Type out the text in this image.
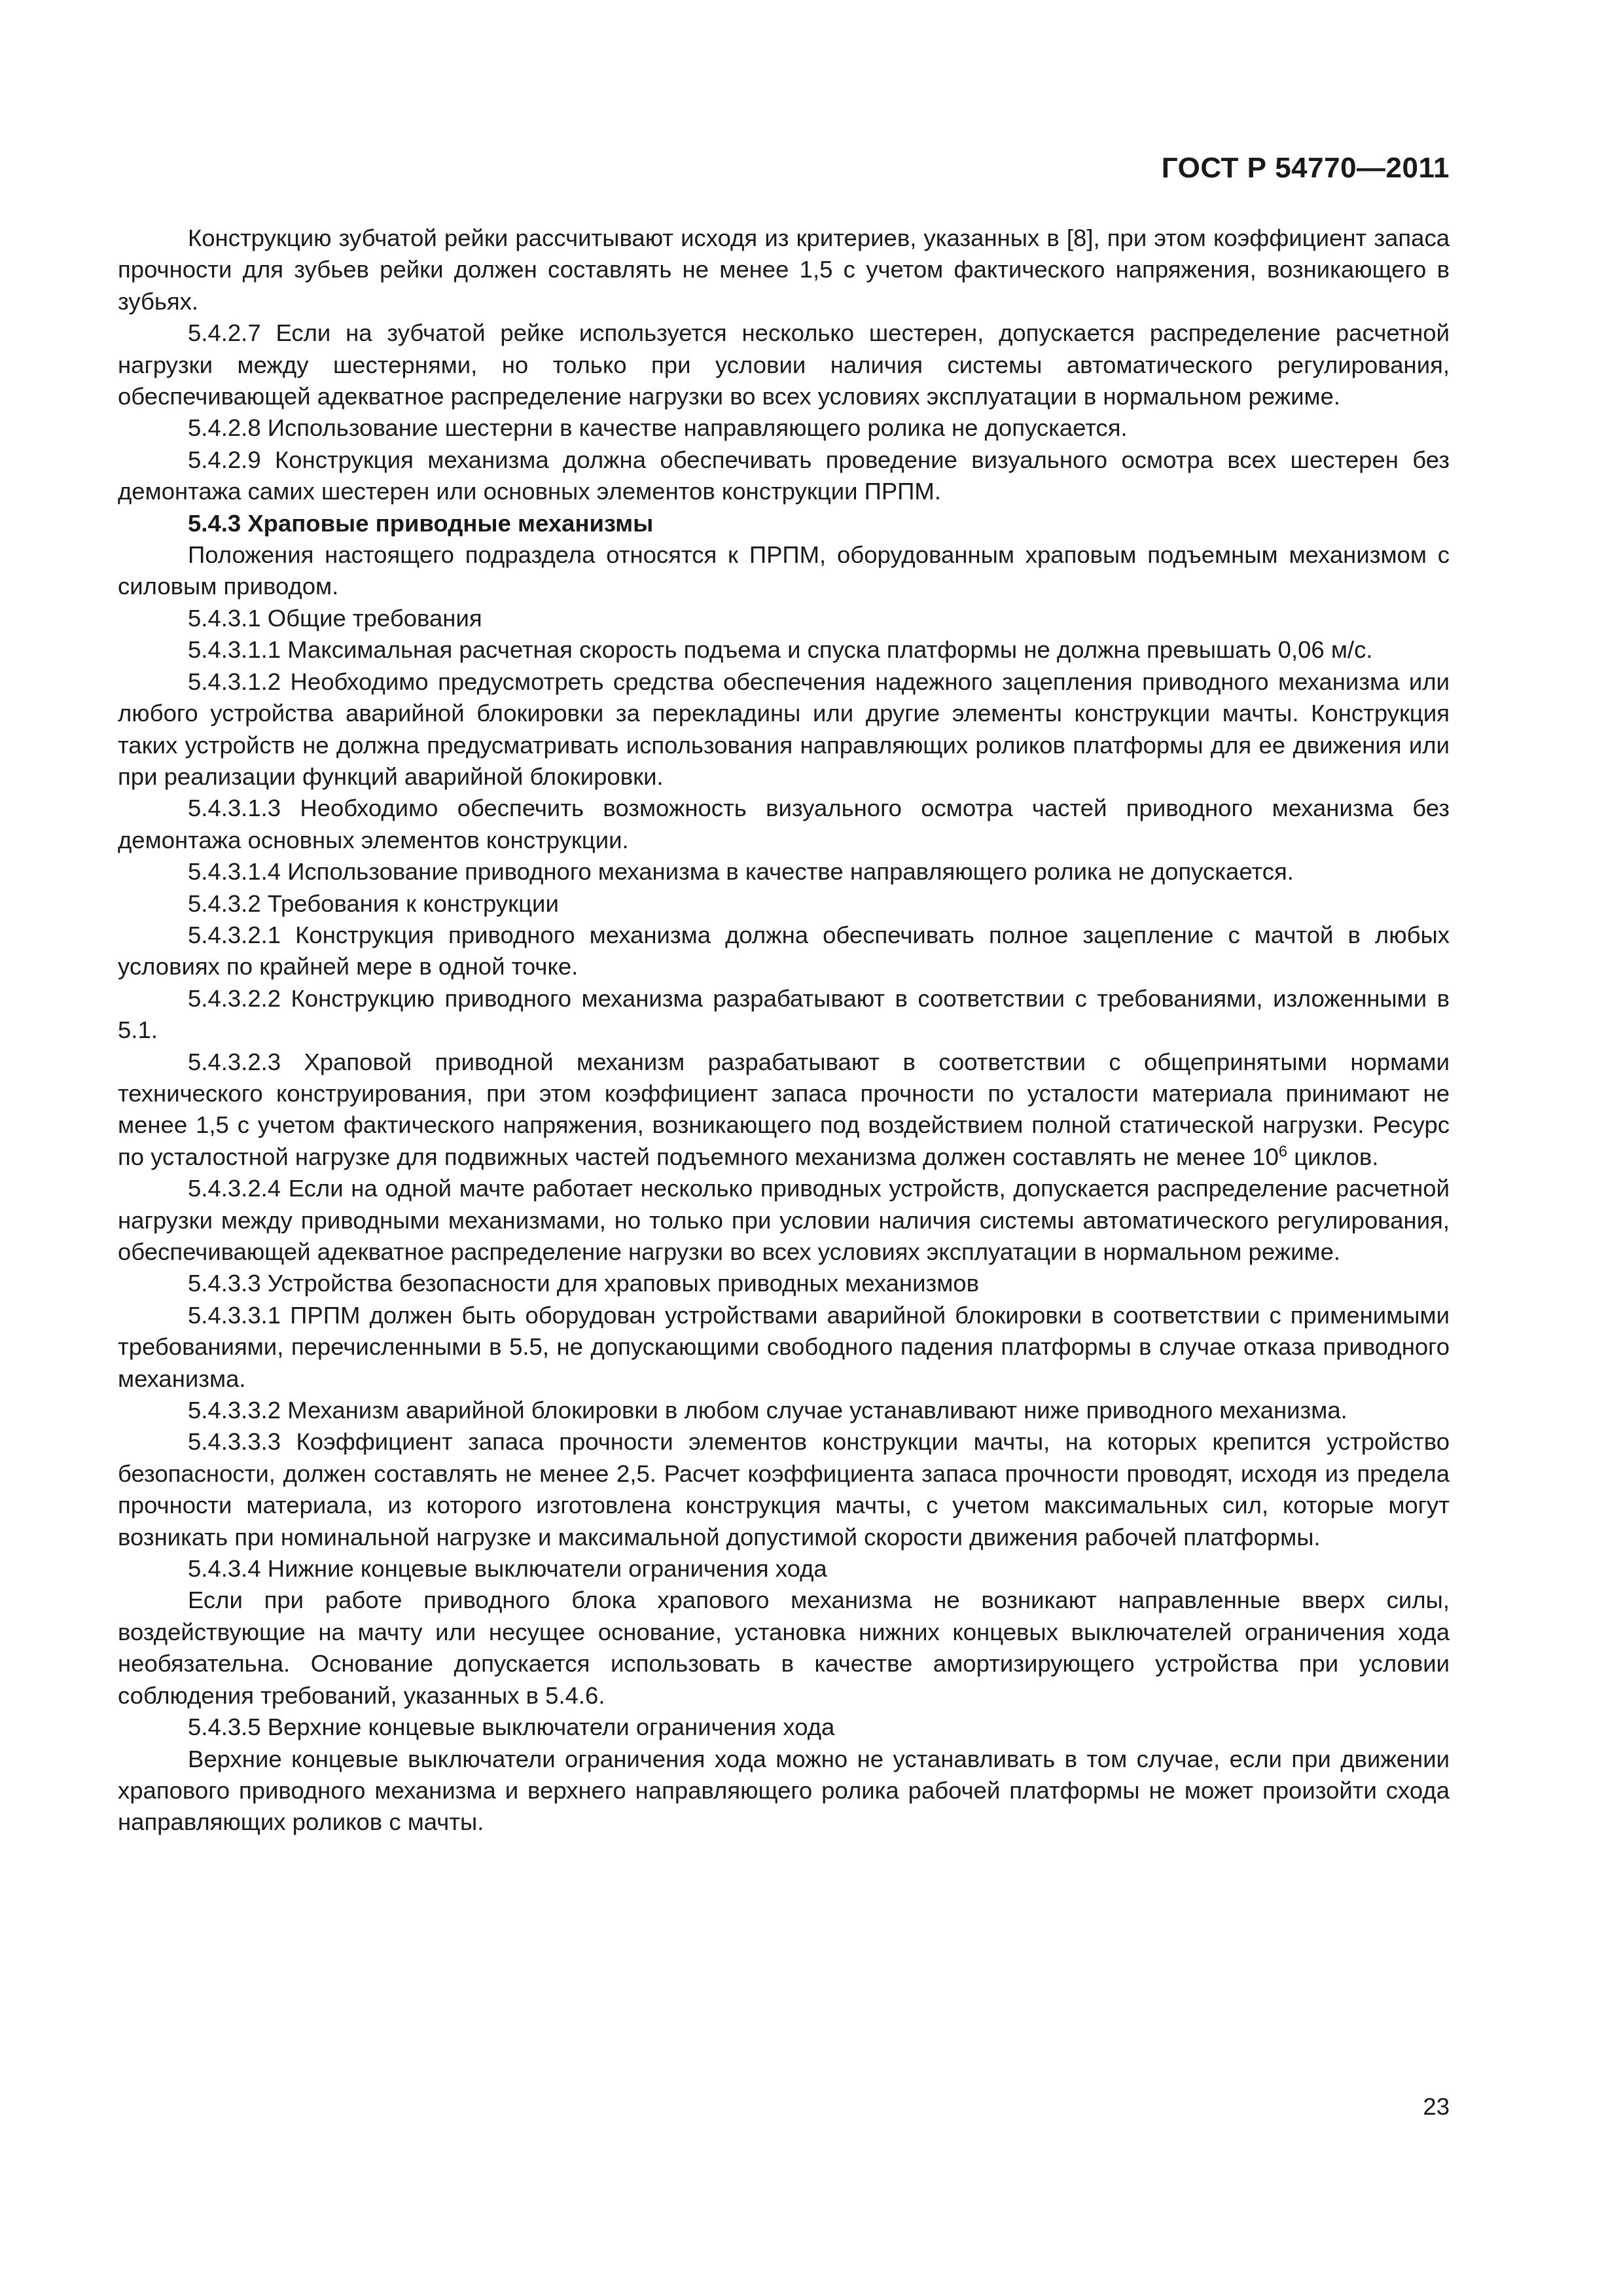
ГОСТ Р 54770—2011

Конструкцию зубчатой рейки рассчитывают исходя из критериев, указанных в [8], при этом коэффициент запаса прочности для зубьев рейки должен составлять не менее 1,5 с учетом фактического напряжения, возникающего в зубьях.

5.4.2.7 Если на зубчатой рейке используется несколько шестерен, допускается распределение расчетной нагрузки между шестернями, но только при условии наличия системы автоматического регулирования, обеспечивающей адекватное распределение нагрузки во всех условиях эксплуатации в нормальном режиме.

5.4.2.8 Использование шестерни в качестве направляющего ролика не допускается.

5.4.2.9 Конструкция механизма должна обеспечивать проведение визуального осмотра всех шестерен без демонтажа самих шестерен или основных элементов конструкции ПРПМ.

5.4.3 Храповые приводные механизмы

Положения настоящего подраздела относятся к ПРПМ, оборудованным храповым подъемным механизмом с силовым приводом.

5.4.3.1 Общие требования

5.4.3.1.1 Максимальная расчетная скорость подъема и спуска платформы не должна превышать 0,06 м/с.

5.4.3.1.2 Необходимо предусмотреть средства обеспечения надежного зацепления приводного механизма или любого устройства аварийной блокировки за перекладины или другие элементы конструкции мачты. Конструкция таких устройств не должна предусматривать использования направляющих роликов платформы для ее движения или при реализации функций аварийной блокировки.

5.4.3.1.3 Необходимо обеспечить возможность визуального осмотра частей приводного механизма без демонтажа основных элементов конструкции.

5.4.3.1.4 Использование приводного механизма в качестве направляющего ролика не допускается.

5.4.3.2 Требования к конструкции

5.4.3.2.1 Конструкция приводного механизма должна обеспечивать полное зацепление с мачтой в любых условиях по крайней мере в одной точке.

5.4.3.2.2 Конструкцию приводного механизма разрабатывают в соответствии с требованиями, изложенными в 5.1.

5.4.3.2.3 Храповой приводной механизм разрабатывают в соответствии с общепринятыми нормами технического конструирования, при этом коэффициент запаса прочности по усталости материала принимают не менее 1,5 с учетом фактического напряжения, возникающего под воздействием полной статической нагрузки. Ресурс по усталостной нагрузке для подвижных частей подъемного механизма должен составлять не менее $10^6$ циклов.

5.4.3.2.4 Если на одной мачте работает несколько приводных устройств, допускается распределение расчетной нагрузки между приводными механизмами, но только при условии наличия системы автоматического регулирования, обеспечивающей адекватное распределение нагрузки во всех условиях эксплуатации в нормальном режиме.

5.4.3.3 Устройства безопасности для храповых приводных механизмов

5.4.3.3.1 ПРПМ должен быть оборудован устройствами аварийной блокировки в соответствии с применимыми требованиями, перечисленными в 5.5, не допускающими свободного падения платформы в случае отказа приводного механизма.

5.4.3.3.2 Механизм аварийной блокировки в любом случае устанавливают ниже приводного механизма.

5.4.3.3.3 Коэффициент запаса прочности элементов конструкции мачты, на которых крепится устройство безопасности, должен составлять не менее 2,5. Расчет коэффициента запаса прочности проводят, исходя из предела прочности материала, из которого изготовлена конструкция мачты, с учетом максимальных сил, которые могут возникать при номинальной нагрузке и максимальной допустимой скорости движения рабочей платформы.

5.4.3.4 Нижние концевые выключатели ограничения хода

Если при работе приводного блока храпового механизма не возникают направленные вверх силы, воздействующие на мачту или несущее основание, установка нижних концевых выключателей ограничения хода необязательна. Основание допускается использовать в качестве амортизирующего устройства при условии соблюдения требований, указанных в 5.4.6.

5.4.3.5 Верхние концевые выключатели ограничения хода

Верхние концевые выключатели ограничения хода можно не устанавливать в том случае, если при движении храпового приводного механизма и верхнего направляющего ролика рабочей платформы не может произойти схода направляющих роликов с мачты.

23
